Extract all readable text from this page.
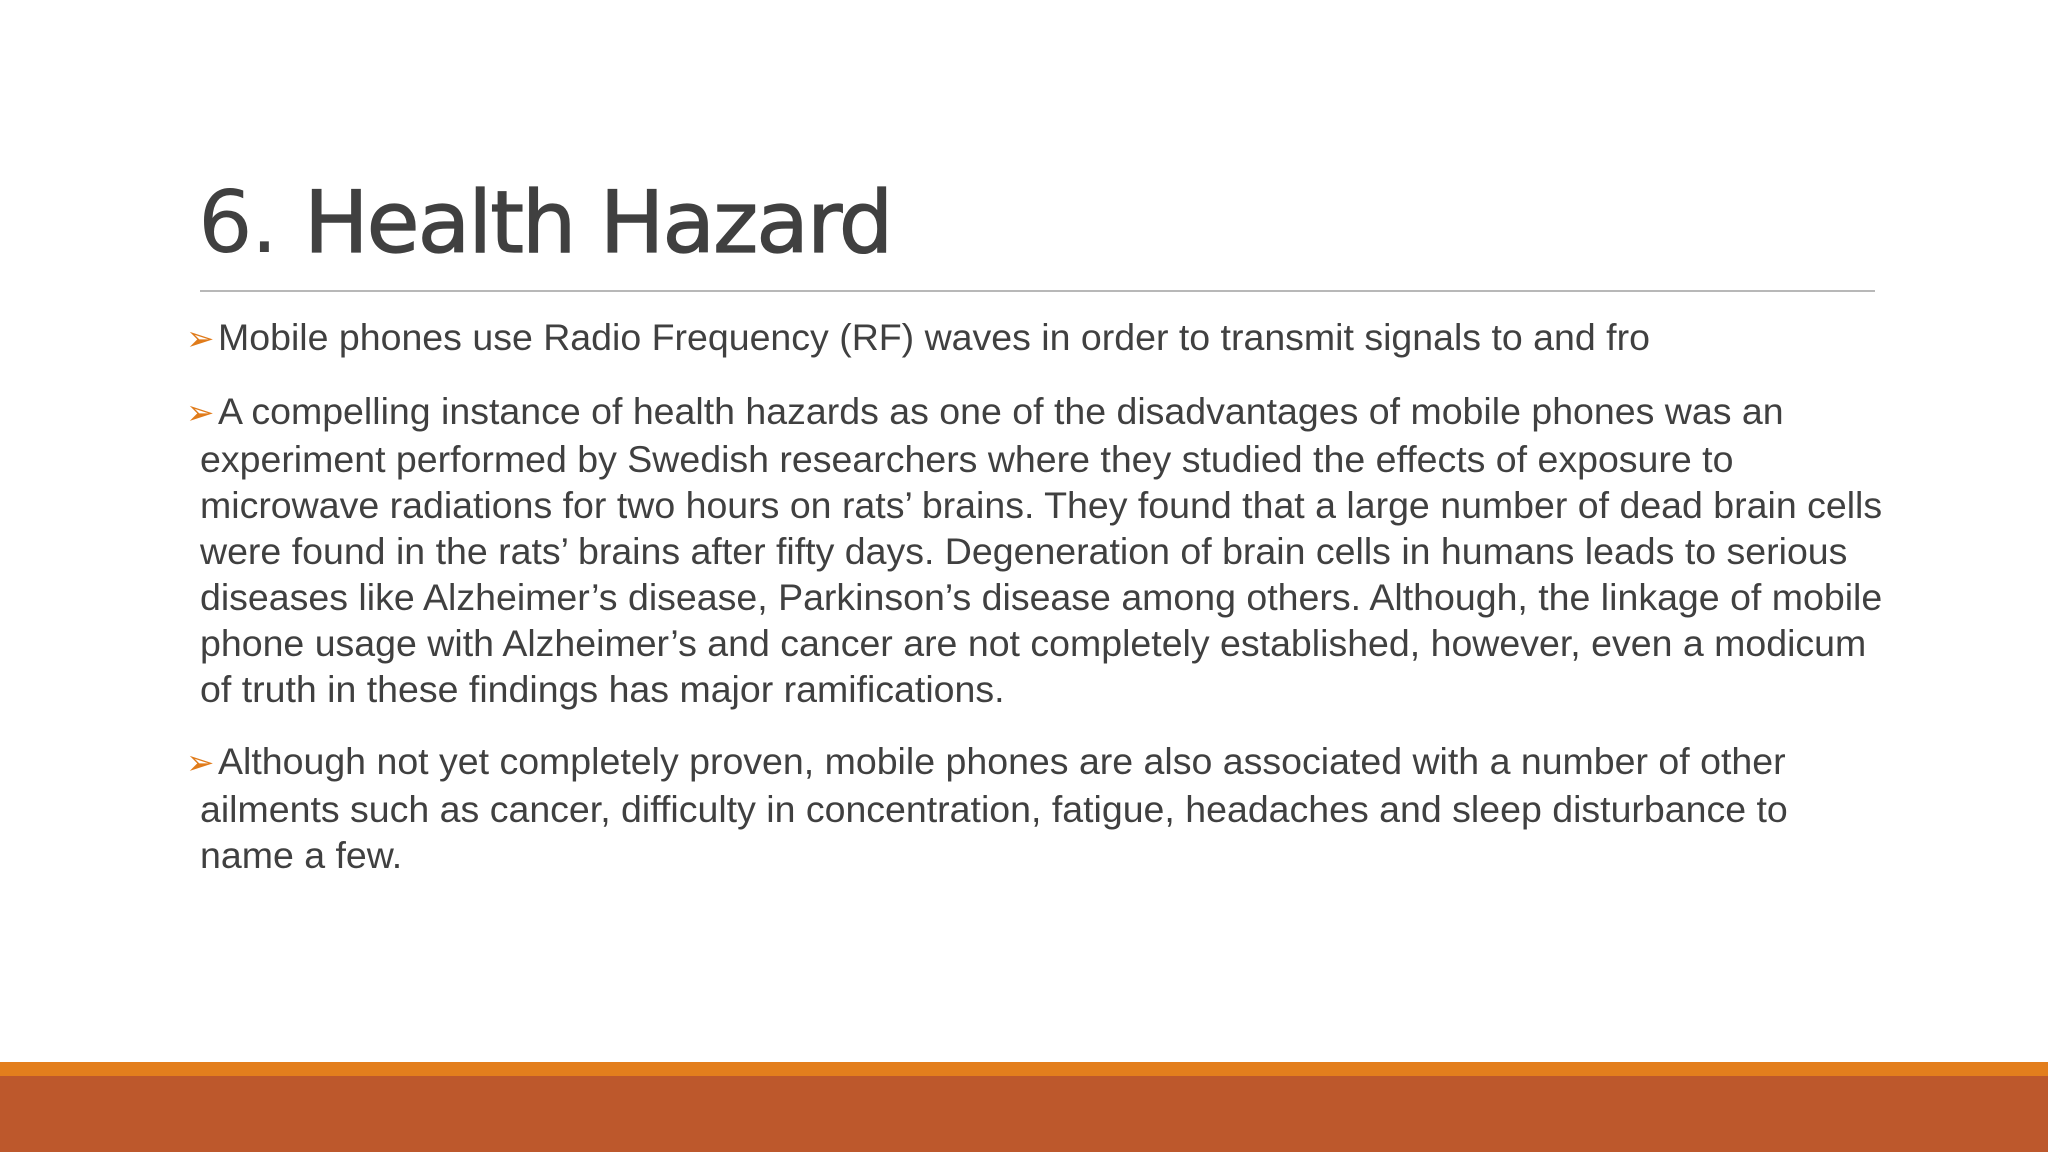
6. Health Hazard
➢Mobile phones use Radio Frequency (RF) waves in order to transmit signals to and fro
➢A compelling instance of health hazards as one of the disadvantages of mobile phones was an experiment performed by Swedish researchers where they studied the effects of exposure to microwave radiations for two hours on rats’ brains. They found that a large number of dead brain cells were found in the rats’ brains after fifty days. Degeneration of brain cells in humans leads to serious diseases like Alzheimer’s disease, Parkinson’s disease among others. Although, the linkage of mobile phone usage with Alzheimer’s and cancer are not completely established, however, even a modicum of truth in these findings has major ramifications.
➢Although not yet completely proven, mobile phones are also associated with a number of other ailments such as cancer, difficulty in concentration, fatigue, headaches and sleep disturbance to name a few.
